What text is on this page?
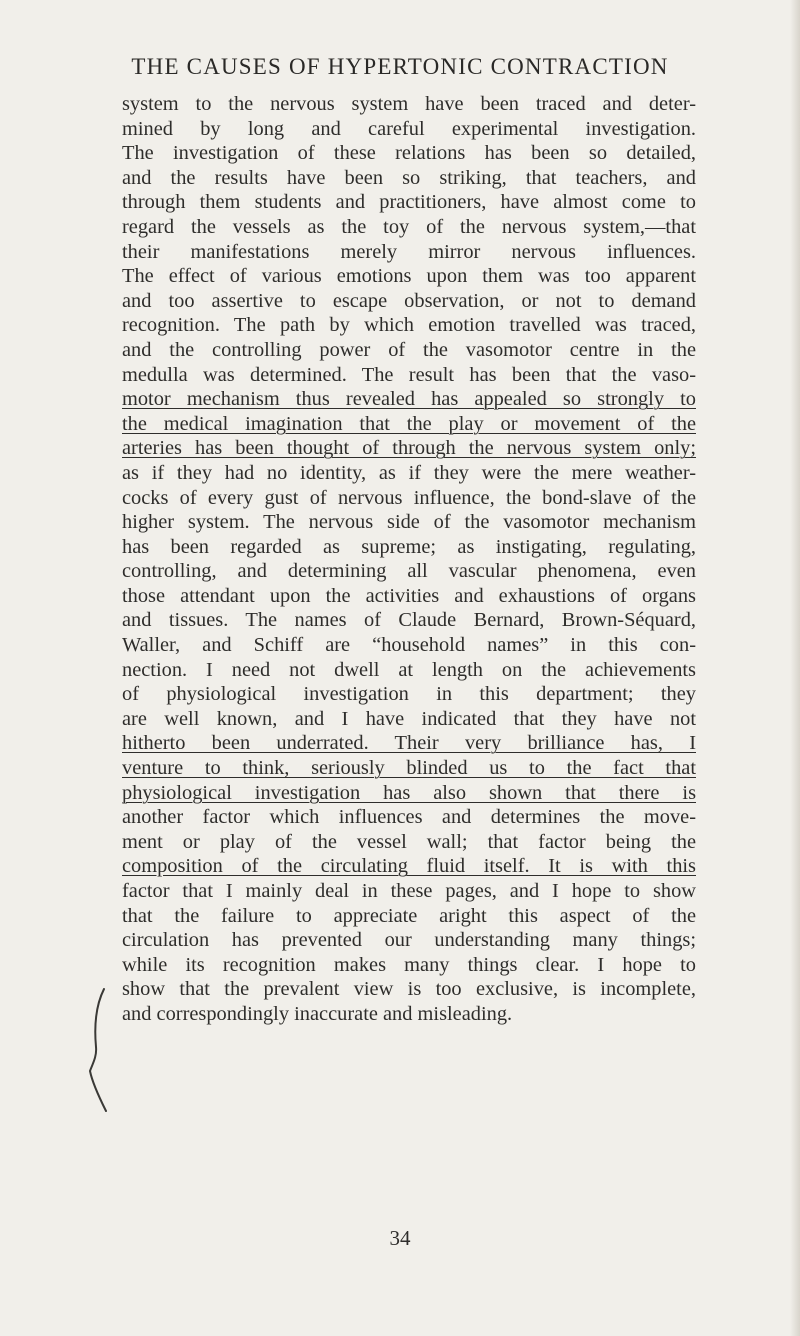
THE CAUSES OF HYPERTONIC CONTRACTION
system to the nervous system have been traced and deter-
mined by long and careful experimental investigation.
The investigation of these relations has been so detailed,
and the results have been so striking, that teachers, and
through them students and practitioners, have almost come to
regard the vessels as the toy of the nervous system,—that
their manifestations merely mirror nervous influences.
The effect of various emotions upon them was too apparent
and too assertive to escape observation, or not to demand
recognition. The path by which emotion travelled was traced,
and the controlling power of the vasomotor centre in the
medulla was determined. The result has been that the vaso-
motor mechanism thus revealed has appealed so strongly to
the medical imagination that the play or movement of the
arteries has been thought of through the nervous system only;
as if they had no identity, as if they were the mere weather-
cocks of every gust of nervous influence, the bond-slave of the
higher system. The nervous side of the vasomotor mechanism
has been regarded as supreme; as instigating, regulating,
controlling, and determining all vascular phenomena, even
those attendant upon the activities and exhaustions of organs
and tissues. The names of Claude Bernard, Brown-Séquard,
Waller, and Schiff are “household names” in this con-
nection. I need not dwell at length on the achievements
of physiological investigation in this department; they
are well known, and I have indicated that they have not
hitherto been underrated. Their very brilliance has, I
venture to think, seriously blinded us to the fact that
physiological investigation has also shown that there is
another factor which influences and determines the move-
ment or play of the vessel wall; that factor being the
composition of the circulating fluid itself. It is with this
factor that I mainly deal in these pages, and I hope to show
that the failure to appreciate aright this aspect of the
circulation has prevented our understanding many things;
while its recognition makes many things clear. I hope to
show that the prevalent view is too exclusive, is incomplete,
and correspondingly inaccurate and misleading.
34
